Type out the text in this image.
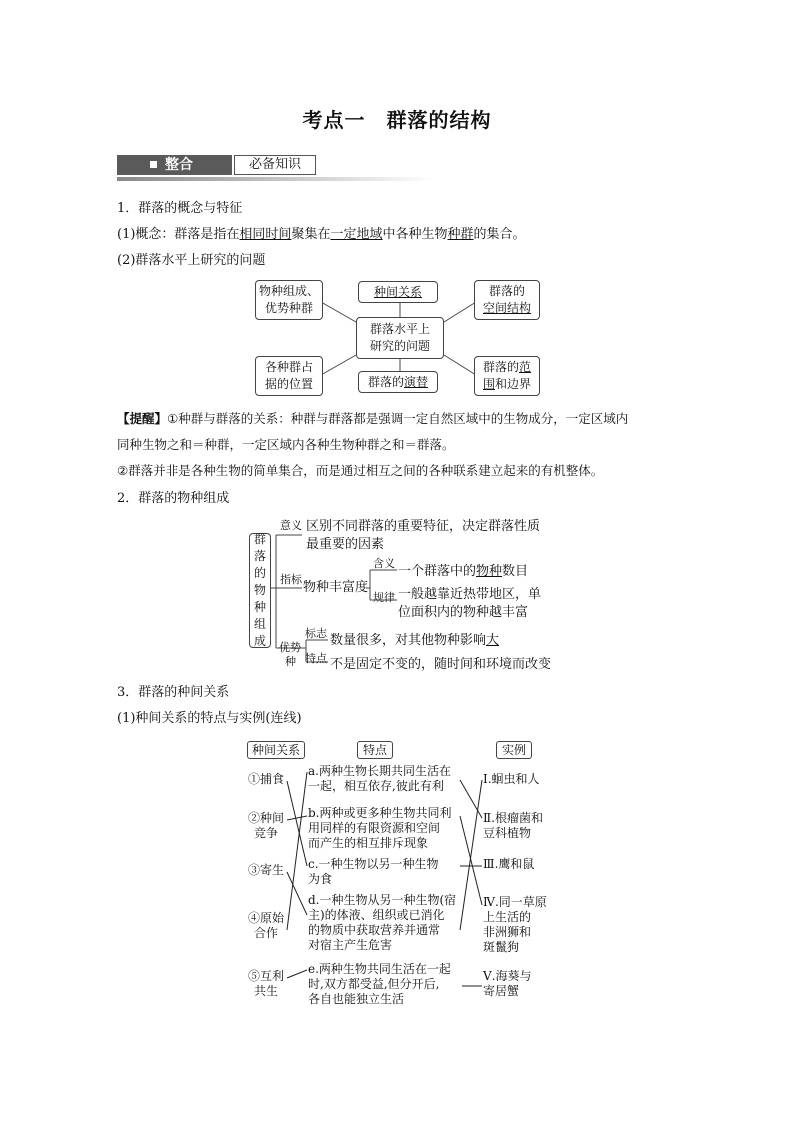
考点一　群落的结构
整合	必备知识
1．群落的概念与特征
(1)概念：群落是指在相同时间聚集在一定地域中各种生物种群的集合。
(2)群落水平上研究的问题
群落水平上
研究的问题
物种组成、
优势种群
种间关系	群落的
空间结构
各种群占
据的位置	群落的演替
群落的范
围和边界
【提醒】①种群与群落的关系：种群与群落都是强调一定自然区域中的生物成分，一定区域内
同种生物之和＝种群，一定区域内各种生物种群之和＝群落。
②群落并非是各种生物的简单集合，而是通过相互之间的各种联系建立起来的有机整体。
2．群落的物种组成
群落的物种组成
意义 区别不同群落的重要特征，决定群落性质
最重要的因素
指标
物种丰富度
含义
一个群落中的物种数目
规律 一般越靠近热带地区，单
位面积内的物种越丰富
优势
种
标志 数量很多，对其他物种影响大
特点 不是固定不变的，随时间和环境而改变
3．群落的种间关系
(1)种间关系的特点与实例(连线)
种间关系	特点	实例
①捕食
②种间
竞争
③寄生
④原始
合作
⑤互利
共生
a.两种生物长期共同生活在
一起，相互依存,彼此有利
b.两种或更多种生物共同利
用同样的有限资源和空间
而产生的相互排斥现象
c.一种生物以另一种生物
为食
d.一种生物从另一种生物(宿
主)的体液、组织或已消化
的物质中获取营养并通常
对宿主产生危害
e.两种生物共同生活在一起
时,双方都受益,但分开后,
各自也能独立生活
Ⅰ.蛔虫和人
Ⅱ.根瘤菌和
豆科植物
Ⅲ.鹰和鼠
Ⅳ.同一草原
上生活的
非洲狮和
斑鬣狗
Ⅴ.海葵与
寄居蟹
